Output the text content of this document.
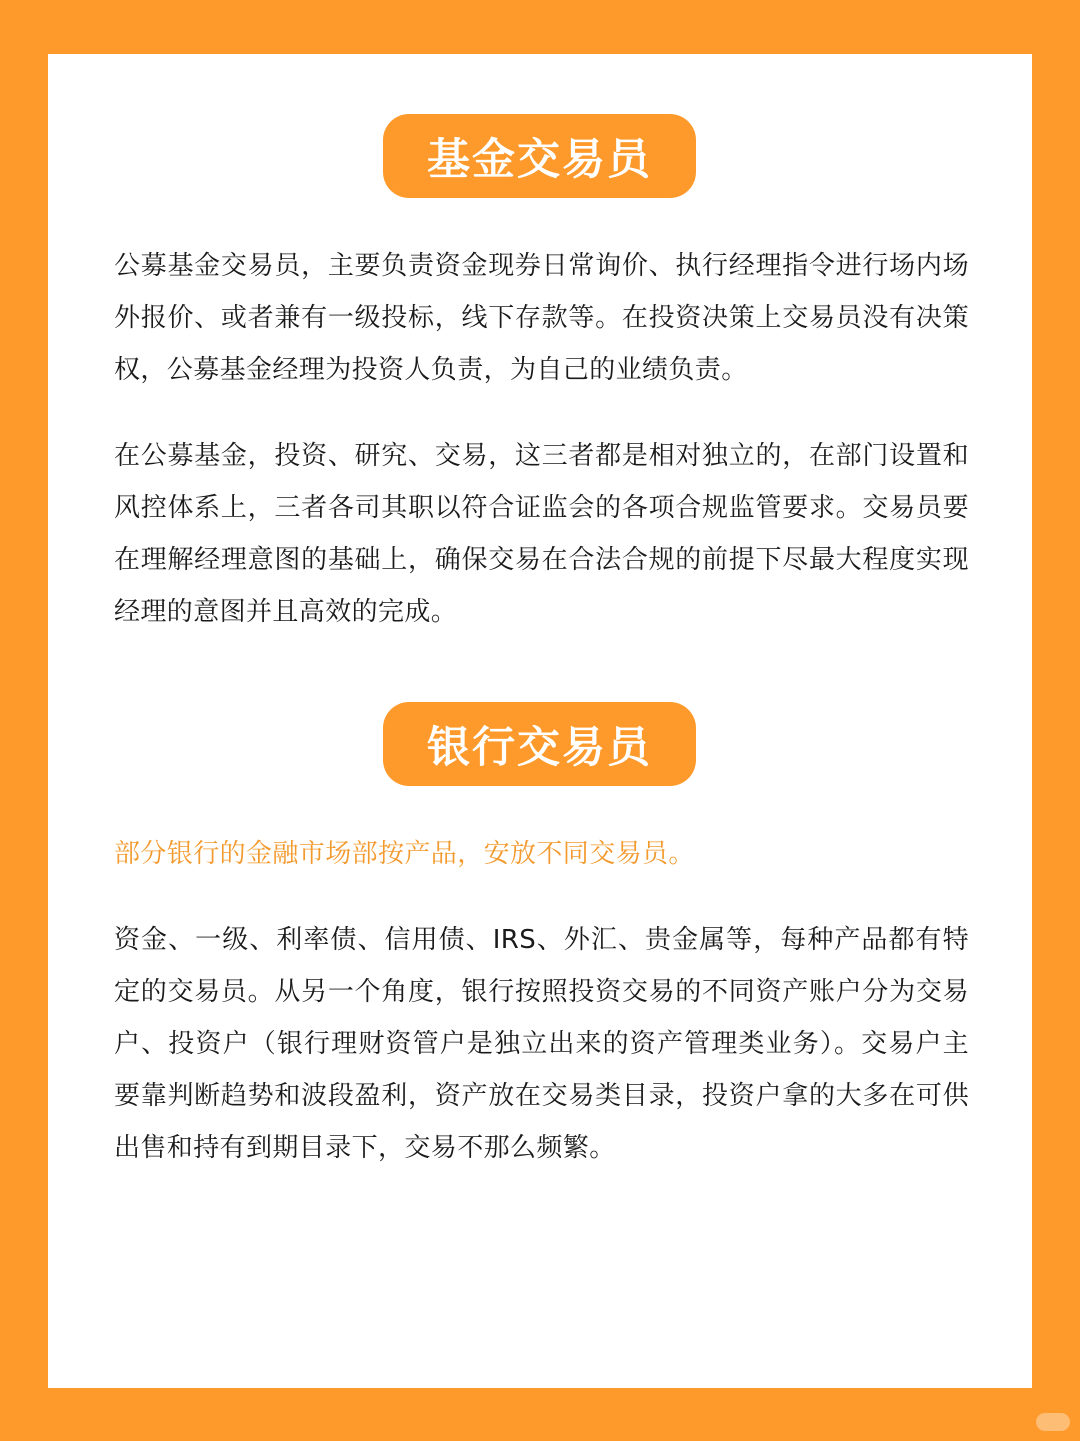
基金交易员

公募基金交易员，主要负责资金现券日常询价、执行经理指令进行场内场外报价、或者兼有一级投标，线下存款等。在投资决策上交易员没有决策权，公募基金经理为投资人负责，为自己的业绩负责。

在公募基金，投资、研究、交易，这三者都是相对独立的，在部门设置和风控体系上，三者各司其职以符合证监会的各项合规监管要求。交易员要在理解经理意图的基础上，确保交易在合法合规的前提下尽最大程度实现经理的意图并且高效的完成。

银行交易员

部分银行的金融市场部按产品，安放不同交易员。

资金、一级、利率债、信用债、IRS、外汇、贵金属等，每种产品都有特定的交易员。从另一个角度，银行按照投资交易的不同资产账户分为交易户、投资户（银行理财资管户是独立出来的资产管理类业务）。交易户主要靠判断趋势和波段盈利，资产放在交易类目录，投资户拿的大多在可供出售和持有到期目录下，交易不那么频繁。
